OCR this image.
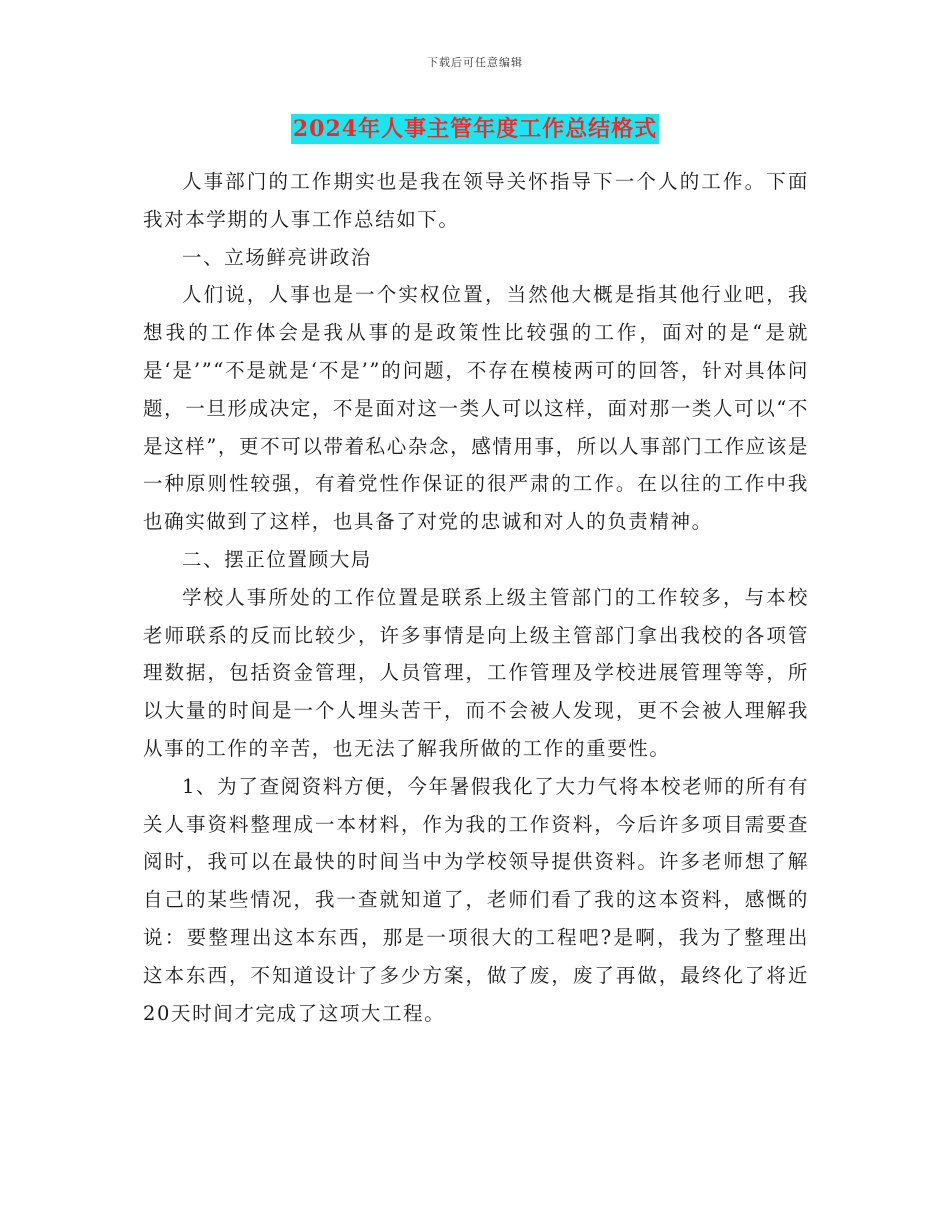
下载后可任意编辑
2024年人事主管年度工作总结格式

人事部门的工作期实也是我在领导关怀指导下一个人的工作。下面我对本学期的人事工作总结如下。

一、立场鲜亮讲政治

人们说，人事也是一个实权位置，当然他大概是指其他行业吧，我想我的工作体会是我从事的是政策性比较强的工作，面对的是“是就是‘是’”“不是就是‘不是’”的问题，不存在模棱两可的回答，针对具体问题，一旦形成决定，不是面对这一类人可以这样，面对那一类人可以“不是这样”，更不可以带着私心杂念，感情用事，所以人事部门工作应该是一种原则性较强，有着党性作保证的很严肃的工作。在以往的工作中我也确实做到了这样，也具备了对党的忠诚和对人的负责精神。

二、摆正位置顾大局

学校人事所处的工作位置是联系上级主管部门的工作较多，与本校老师联系的反而比较少，许多事情是向上级主管部门拿出我校的各项管理数据，包括资金管理，人员管理，工作管理及学校进展管理等等，所以大量的时间是一个人埋头苦干，而不会被人发现，更不会被人理解我从事的工作的辛苦，也无法了解我所做的工作的重要性。

1、为了查阅资料方便，今年暑假我化了大力气将本校老师的所有有关人事资料整理成一本材料，作为我的工作资料，今后许多项目需要查阅时，我可以在最快的时间当中为学校领导提供资料。许多老师想了解自己的某些情况，我一查就知道了，老师们看了我的这本资料，感慨的说：要整理出这本东西，那是一项很大的工程吧?是啊，我为了整理出这本东西，不知道设计了多少方案，做了废，废了再做，最终化了将近20天时间才完成了这项大工程。
